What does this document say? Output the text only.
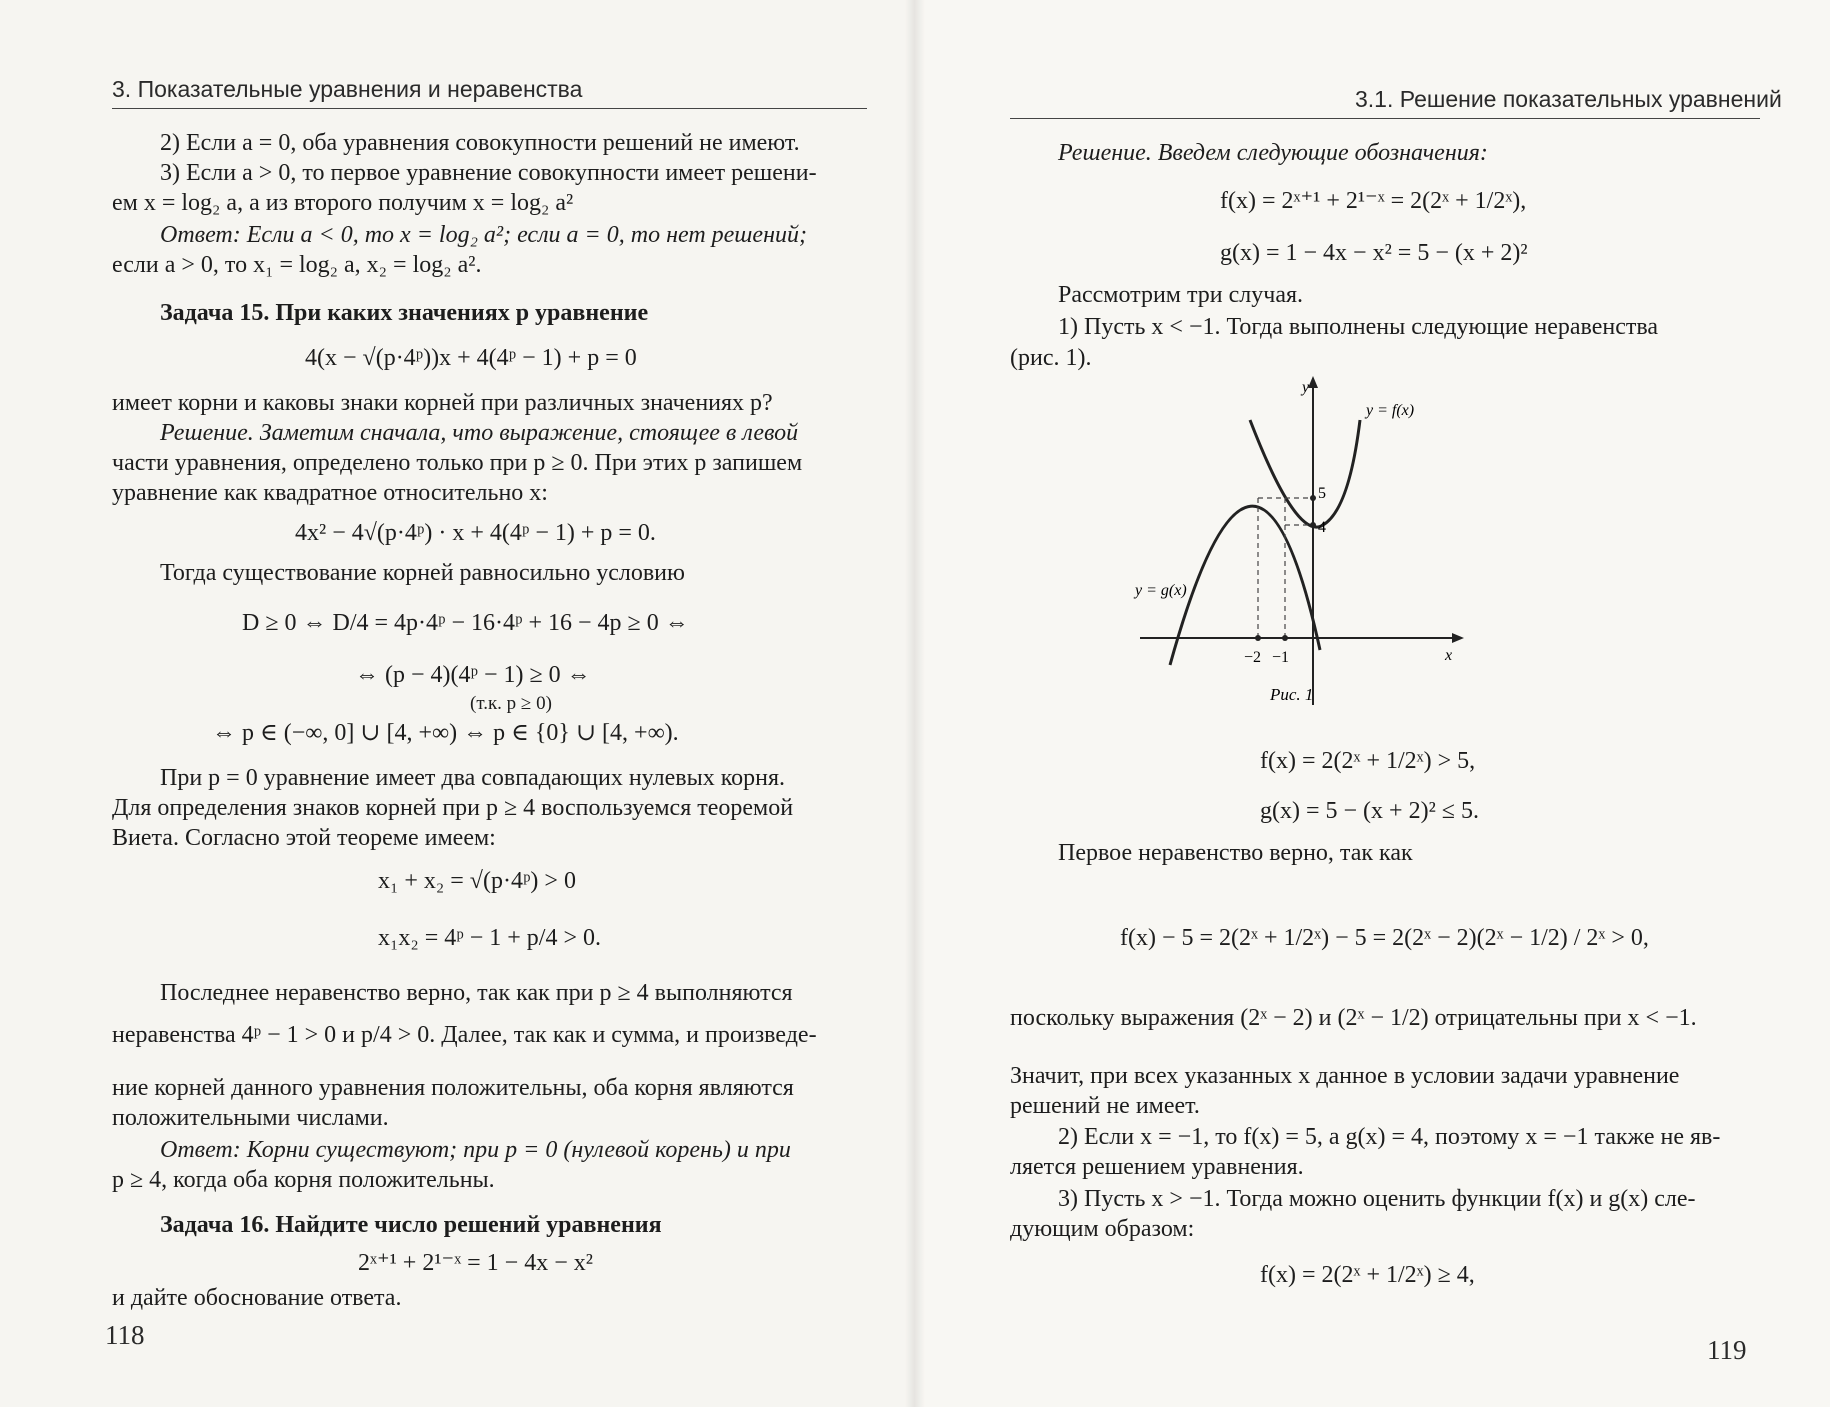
3. Показательные уравнения и неравенства
2) Если a = 0, оба уравнения совокупности решений не имеют.
3) Если a > 0, то первое уравнение совокупности имеет решени-
ем x = log₂ a, а из второго получим x = log₂ a²
Ответ: Если a < 0, то x = log₂ a²; если a = 0, то нет решений;
если a > 0, то x₁ = log₂ a, x₂ = log₂ a².
Задача 15. При каких значениях p уравнение
4(x − √(p·4ᵖ))x + 4(4ᵖ − 1) + p = 0
имеет корни и каковы знаки корней при различных значениях p?
Решение. Заметим сначала, что выражение, стоящее в левой
части уравнения, определено только при p ≥ 0. При этих p запишем
уравнение как квадратное относительно x:
4x² − 4√(p·4ᵖ) · x + 4(4ᵖ − 1) + p = 0.
Тогда существование корней равносильно условию
D ≥ 0 ⇔ D/4 = 4p·4ᵖ − 16·4ᵖ + 16 − 4p ≥ 0 ⇔
⇔ (p − 4)(4ᵖ − 1) ≥ 0 ⇔
(т.к. p ≥ 0)
⇔ p ∈ (−∞, 0] ∪ [4, +∞) ⇔ p ∈ {0} ∪ [4, +∞).
При p = 0 уравнение имеет два совпадающих нулевых корня.
Для определения знаков корней при p ≥ 4 воспользуемся теоремой
Виета. Согласно этой теореме имеем:
x₁ + x₂ = √(p·4ᵖ) > 0
x₁x₂ = 4ᵖ − 1 + p/4 > 0.
Последнее неравенство верно, так как при p ≥ 4 выполняются
неравенства 4ᵖ − 1 > 0 и p/4 > 0. Далее, так как и сумма, и произведе-
ние корней данного уравнения положительны, оба корня являются
положительными числами.
Ответ: Корни существуют; при p = 0 (нулевой корень) и при
p ≥ 4, когда оба корня положительны.
Задача 16. Найдите число решений уравнения
2ˣ⁺¹ + 2¹⁻ˣ = 1 − 4x − x²
и дайте обоснование ответа.
118
3.1. Решение показательных уравнений
Решение. Введем следующие обозначения:
f(x) = 2ˣ⁺¹ + 2¹⁻ˣ = 2(2ˣ + 1/2ˣ),
g(x) = 1 − 4x − x² = 5 − (x + 2)²
Рассмотрим три случая.
1) Пусть x < −1. Тогда выполнены следующие неравенства
(рис. 1).
y
x
y = f(x)
y = g(x)
−2 −1
5
4
Рис. 1
f(x) = 2(2ˣ + 1/2ˣ) > 5,
g(x) = 5 − (x + 2)² ≤ 5.
Первое неравенство верно, так как
f(x) − 5 = 2(2ˣ + 1/2ˣ) − 5 = 2(2ˣ − 2)(2ˣ − 1/2) / 2ˣ > 0,
поскольку выражения (2ˣ − 2) и (2ˣ − 1/2) отрицательны при x < −1.
Значит, при всех указанных x данное в условии задачи уравнение
решений не имеет.
2) Если x = −1, то f(x) = 5, а g(x) = 4, поэтому x = −1 также не яв-
ляется решением уравнения.
3) Пусть x > −1. Тогда можно оценить функции f(x) и g(x) сле-
дующим образом:
f(x) = 2(2ˣ + 1/2ˣ) ≥ 4,
119
